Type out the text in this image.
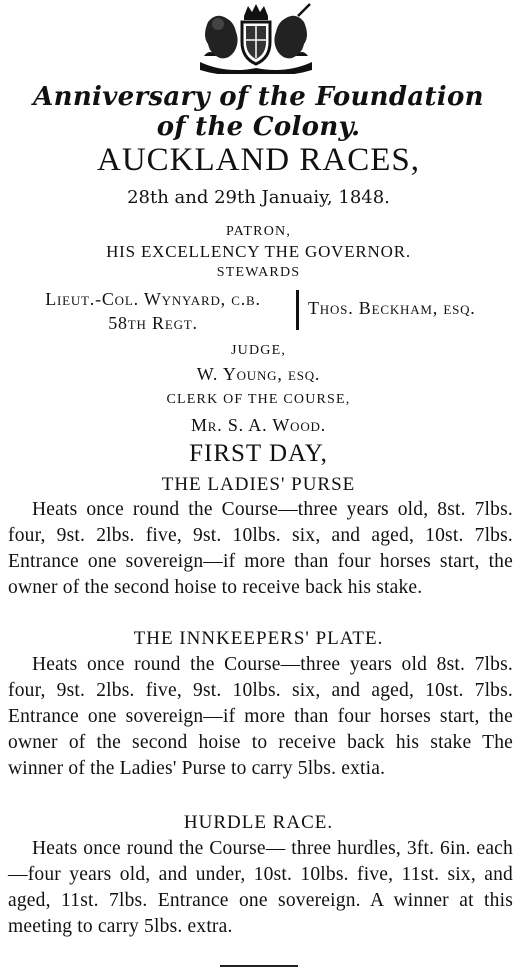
Anniversary of the Foundation
of the Colony.
AUCKLAND RACES,
28th and 29th Januaiy, 1848.
PATRON,
HIS EXCELLENCY THE GOVERNOR.
STEWARDS
Lieut.-Col. Wynyard, c.b.
58th Regt.
Thos. Beckham, esq.
JUDGE,
W. Young, esq.
CLERK OF THE COURSE,
Mr. S. A. Wood.
FIRST DAY,
THE LADIES' PURSE
Heats once round the Course—three years old, 8st. 7lbs. four, 9st. 2lbs. five, 9st. 10lbs. six, and aged, 10st. 7lbs. Entrance one sovereign—if more than four horses start, the owner of the second hoise to receive back his stake.
THE INNKEEPERS' PLATE.
Heats once round the Course—three years old 8st. 7lbs. four, 9st. 2lbs. five, 9st. 10lbs. six, and aged, 10st. 7lbs. Entrance one sovereign—if more than four horses start, the owner of the second hoise to receive back his stake The winner of the Ladies' Purse to carry 5lbs. extia.
HURDLE RACE.
Heats once round the Course— three hurdles, 3ft. 6in. each—four years old, and under, 10st. 10lbs. five, 11st. six, and aged, 11st. 7lbs. Entrance one sovereign. A winner at this meeting to carry 5lbs. extra.
